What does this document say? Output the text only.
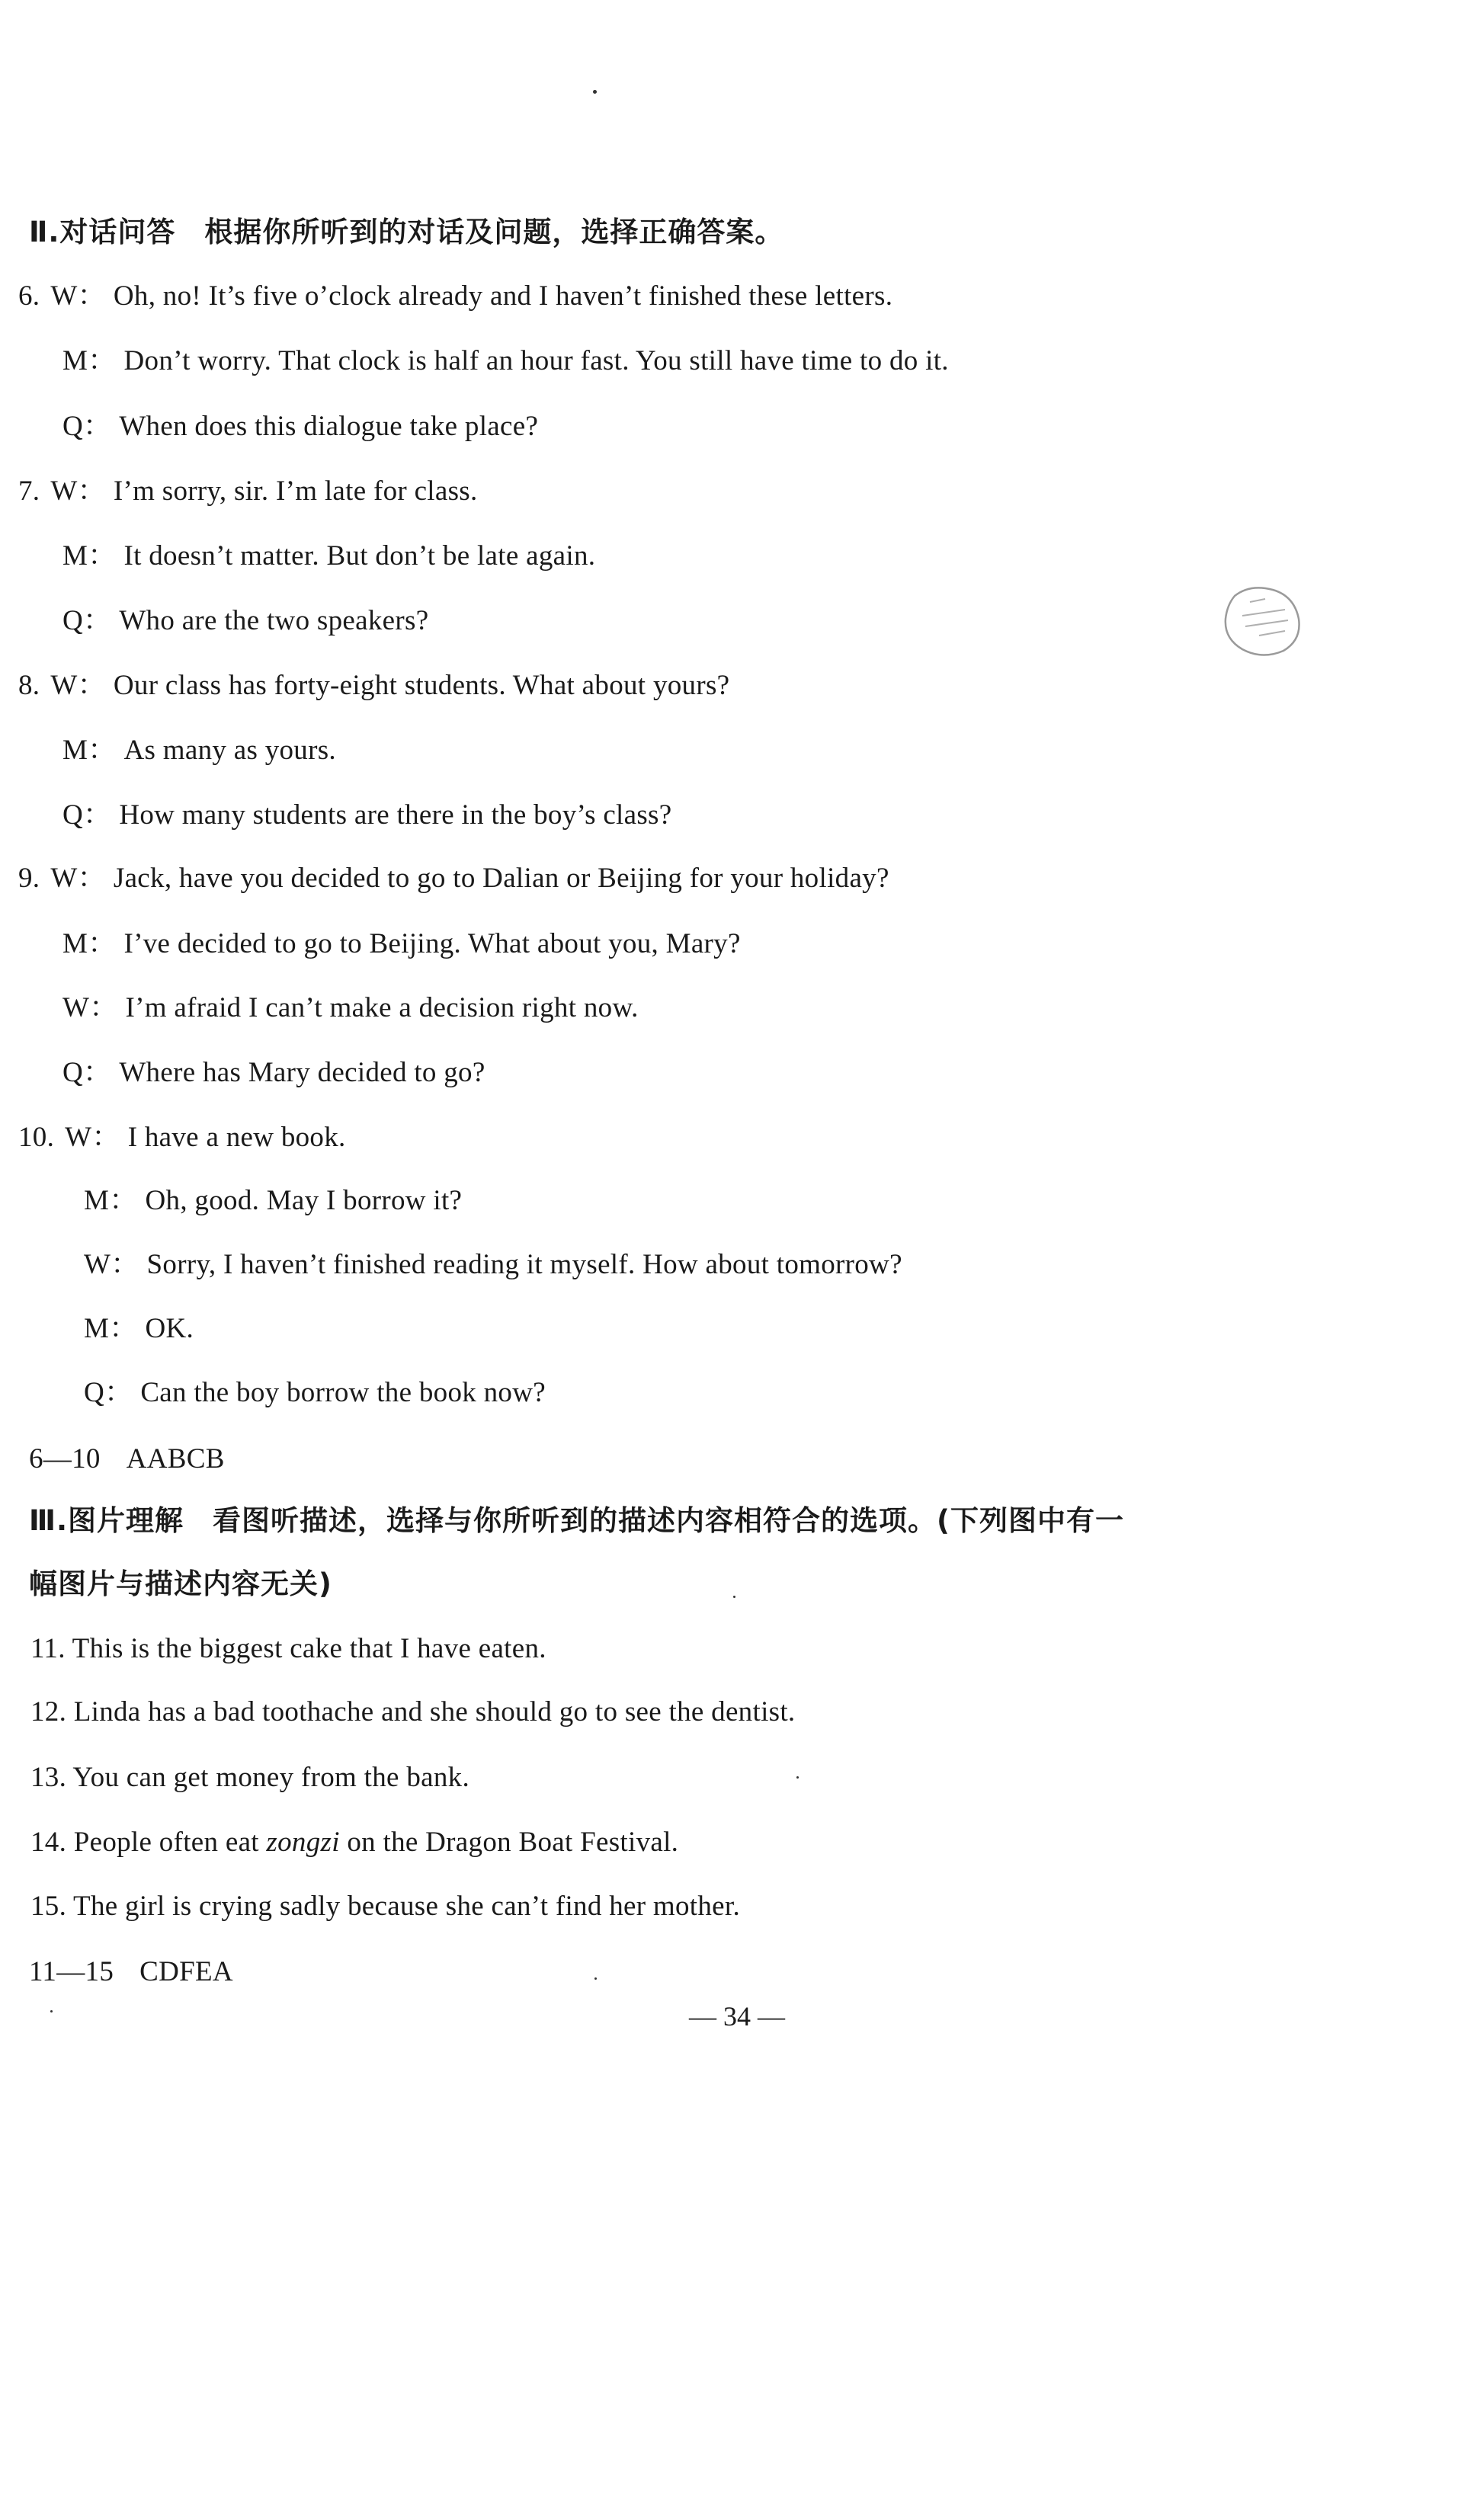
Ⅱ.对话问答　根据你所听到的对话及问题，选择正确答案。
6. W： Oh, no! It’s five o’clock already and I haven’t finished these letters.
M： Don’t worry. That clock is half an hour fast. You still have time to do it.
Q： When does this dialogue take place?
7. W： I’m sorry, sir. I’m late for class.
M： It doesn’t matter. But don’t be late again.
Q： Who are the two speakers?
8. W： Our class has forty-eight students. What about yours?
M： As many as yours.
Q： How many students are there in the boy’s class?
9. W： Jack, have you decided to go to Dalian or Beijing for your holiday?
M： I’ve decided to go to Beijing. What about you, Mary?
W： I’m afraid I can’t make a decision right now.
Q： Where has Mary decided to go?
10. W： I have a new book.
M： Oh, good. May I borrow it?
W： Sorry, I haven’t finished reading it myself. How about tomorrow?
M： OK.
Q： Can the boy borrow the book now?
6—10 AABCB
Ⅲ.图片理解　看图听描述，选择与你所听到的描述内容相符合的选项。(下列图中有一
幅图片与描述内容无关)
11. This is the biggest cake that I have eaten.
12. Linda has a bad toothache and she should go to see the dentist.
13. You can get money from the bank.
14. People often eat zongzi on the Dragon Boat Festival.
15. The girl is crying sadly because she can’t find her mother.
11—15 CDFEA
— 34 —
